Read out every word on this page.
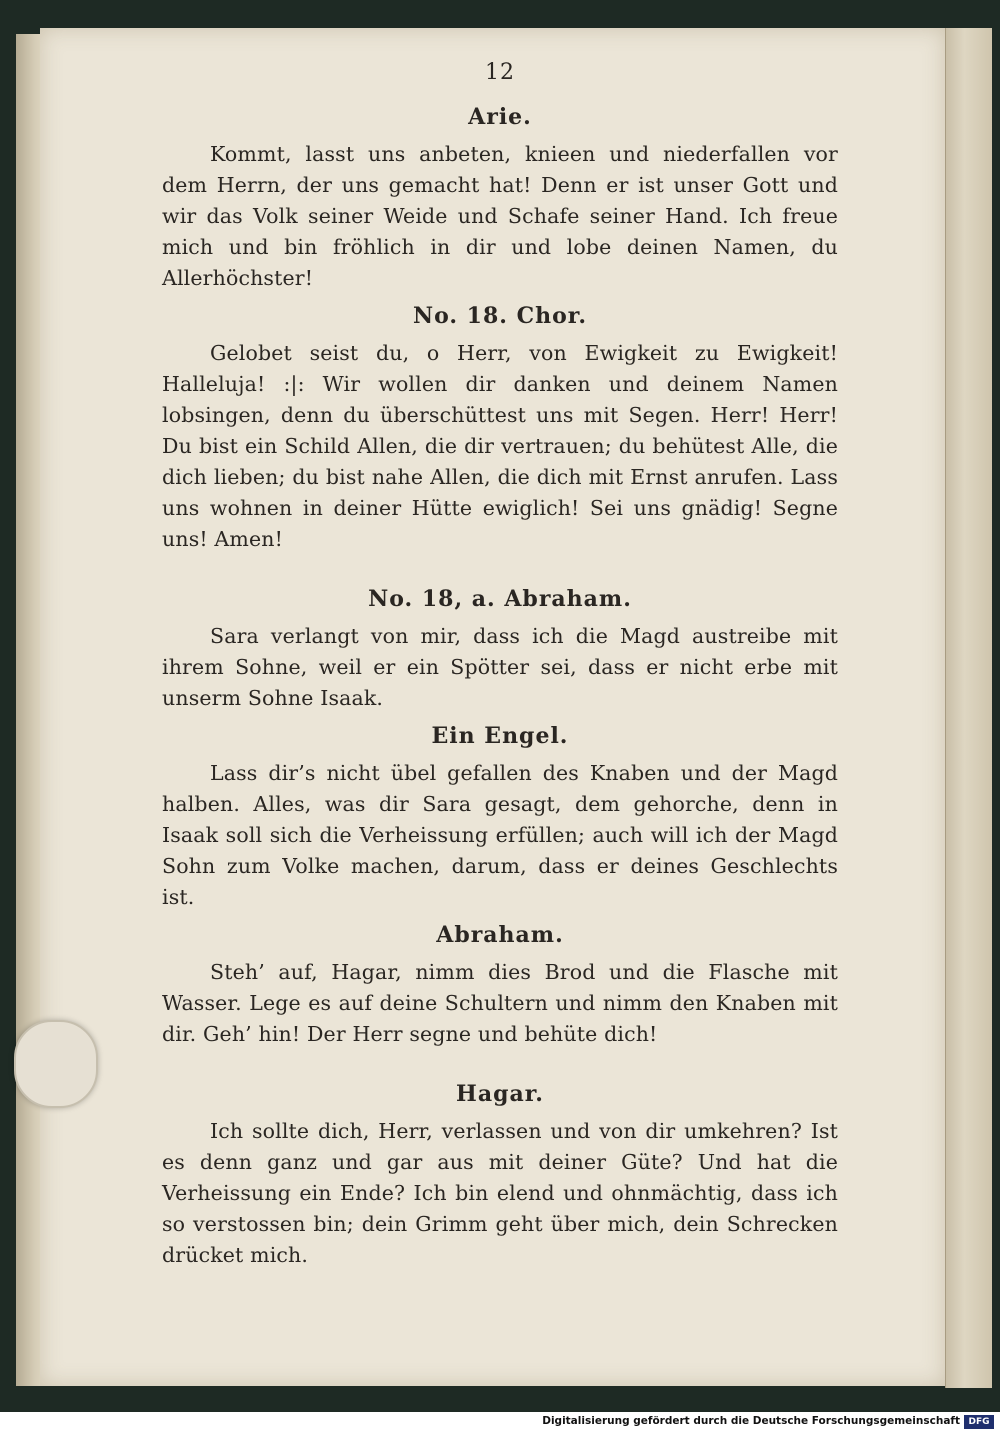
12
Arie.

Kommt, lasst uns anbeten, knieen und niederfallen vor dem Herrn, der uns gemacht hat! Denn er ist unser Gott und wir das Volk seiner Weide und Schafe seiner Hand. Ich freue mich und bin fröhlich in dir und lobe deinen Namen, du Allerhöchster!

No. 18. Chor.

Gelobet seist du, o Herr, von Ewigkeit zu Ewigkeit! Halleluja! :|: Wir wollen dir danken und deinem Namen lobsingen, denn du überschüttest uns mit Segen. Herr! Herr! Du bist ein Schild Allen, die dir vertrauen; du behütest Alle, die dich lieben; du bist nahe Allen, die dich mit Ernst anrufen. Lass uns wohnen in deiner Hütte ewiglich! Sei uns gnädig! Segne uns! Amen!

No. 18, a. Abraham.

Sara verlangt von mir, dass ich die Magd austreibe mit ihrem Sohne, weil er ein Spötter sei, dass er nicht erbe mit unserm Sohne Isaak.

Ein Engel.

Lass dir’s nicht übel gefallen des Knaben und der Magd halben. Alles, was dir Sara gesagt, dem gehorche, denn in Isaak soll sich die Verheissung erfüllen; auch will ich der Magd Sohn zum Volke machen, darum, dass er deines Geschlechts ist.

Abraham.

Steh’ auf, Hagar, nimm dies Brod und die Flasche mit Wasser. Lege es auf deine Schultern und nimm den Knaben mit dir. Geh’ hin! Der Herr segne und behüte dich!

Hagar.

Ich sollte dich, Herr, verlassen und von dir umkehren? Ist es denn ganz und gar aus mit deiner Güte? Und hat die Verheissung ein Ende? Ich bin elend und ohnmächtig, dass ich so verstossen bin; dein Grimm geht über mich, dein Schrecken drücket mich.

Digitalisierung gefördert durch die Deutsche Forschungsgemeinschaft DFG
